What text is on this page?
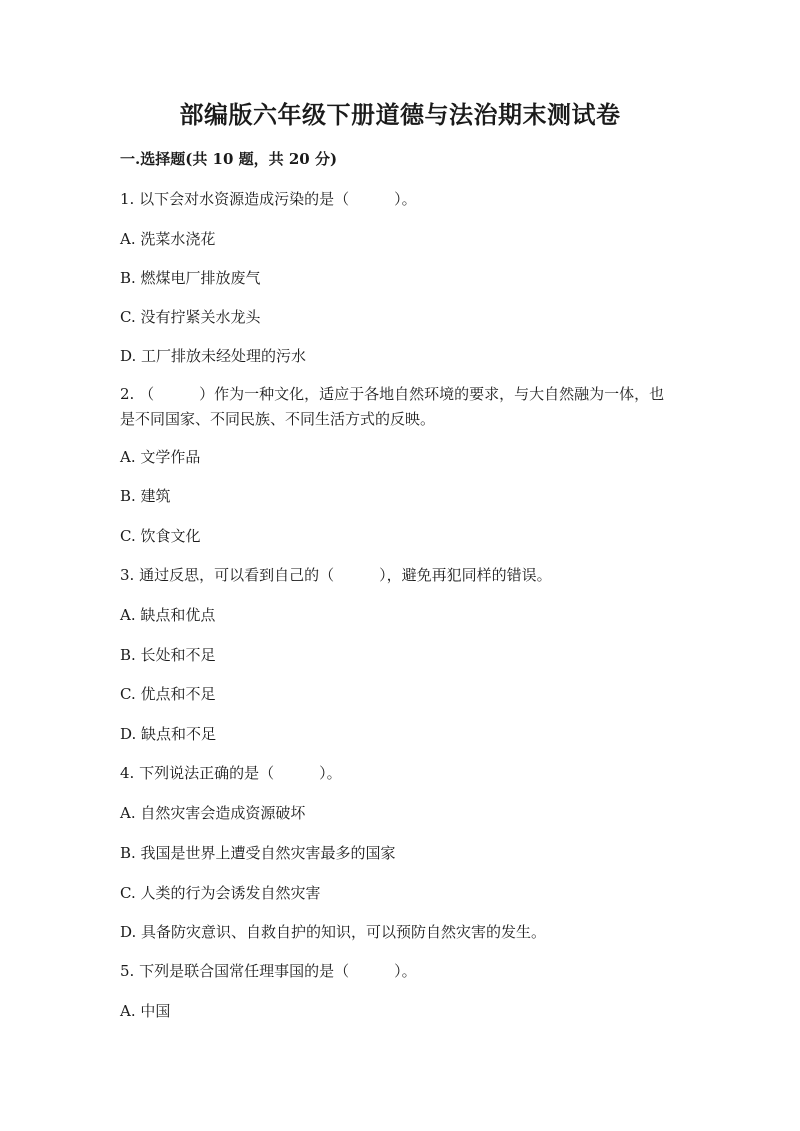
部编版六年级下册道德与法治期末测试卷
一.选择题(共 10 题，共 20 分)
1. 以下会对水资源造成污染的是（　　　）。
A. 洗菜水浇花
B. 燃煤电厂排放废气
C. 没有拧紧关水龙头
D. 工厂排放未经处理的污水
2. （　　　）作为一种文化，适应于各地自然环境的要求，与大自然融为一体，也是不同国家、不同民族、不同生活方式的反映。
A. 文学作品
B. 建筑
C. 饮食文化
3. 通过反思，可以看到自己的（　　　），避免再犯同样的错误。
A. 缺点和优点
B. 长处和不足
C. 优点和不足
D. 缺点和不足
4. 下列说法正确的是（　　　）。
A. 自然灾害会造成资源破坏
B. 我国是世界上遭受自然灾害最多的国家
C. 人类的行为会诱发自然灾害
D. 具备防灾意识、自救自护的知识，可以预防自然灾害的发生。
5. 下列是联合国常任理事国的是（　　　）。
A. 中国
